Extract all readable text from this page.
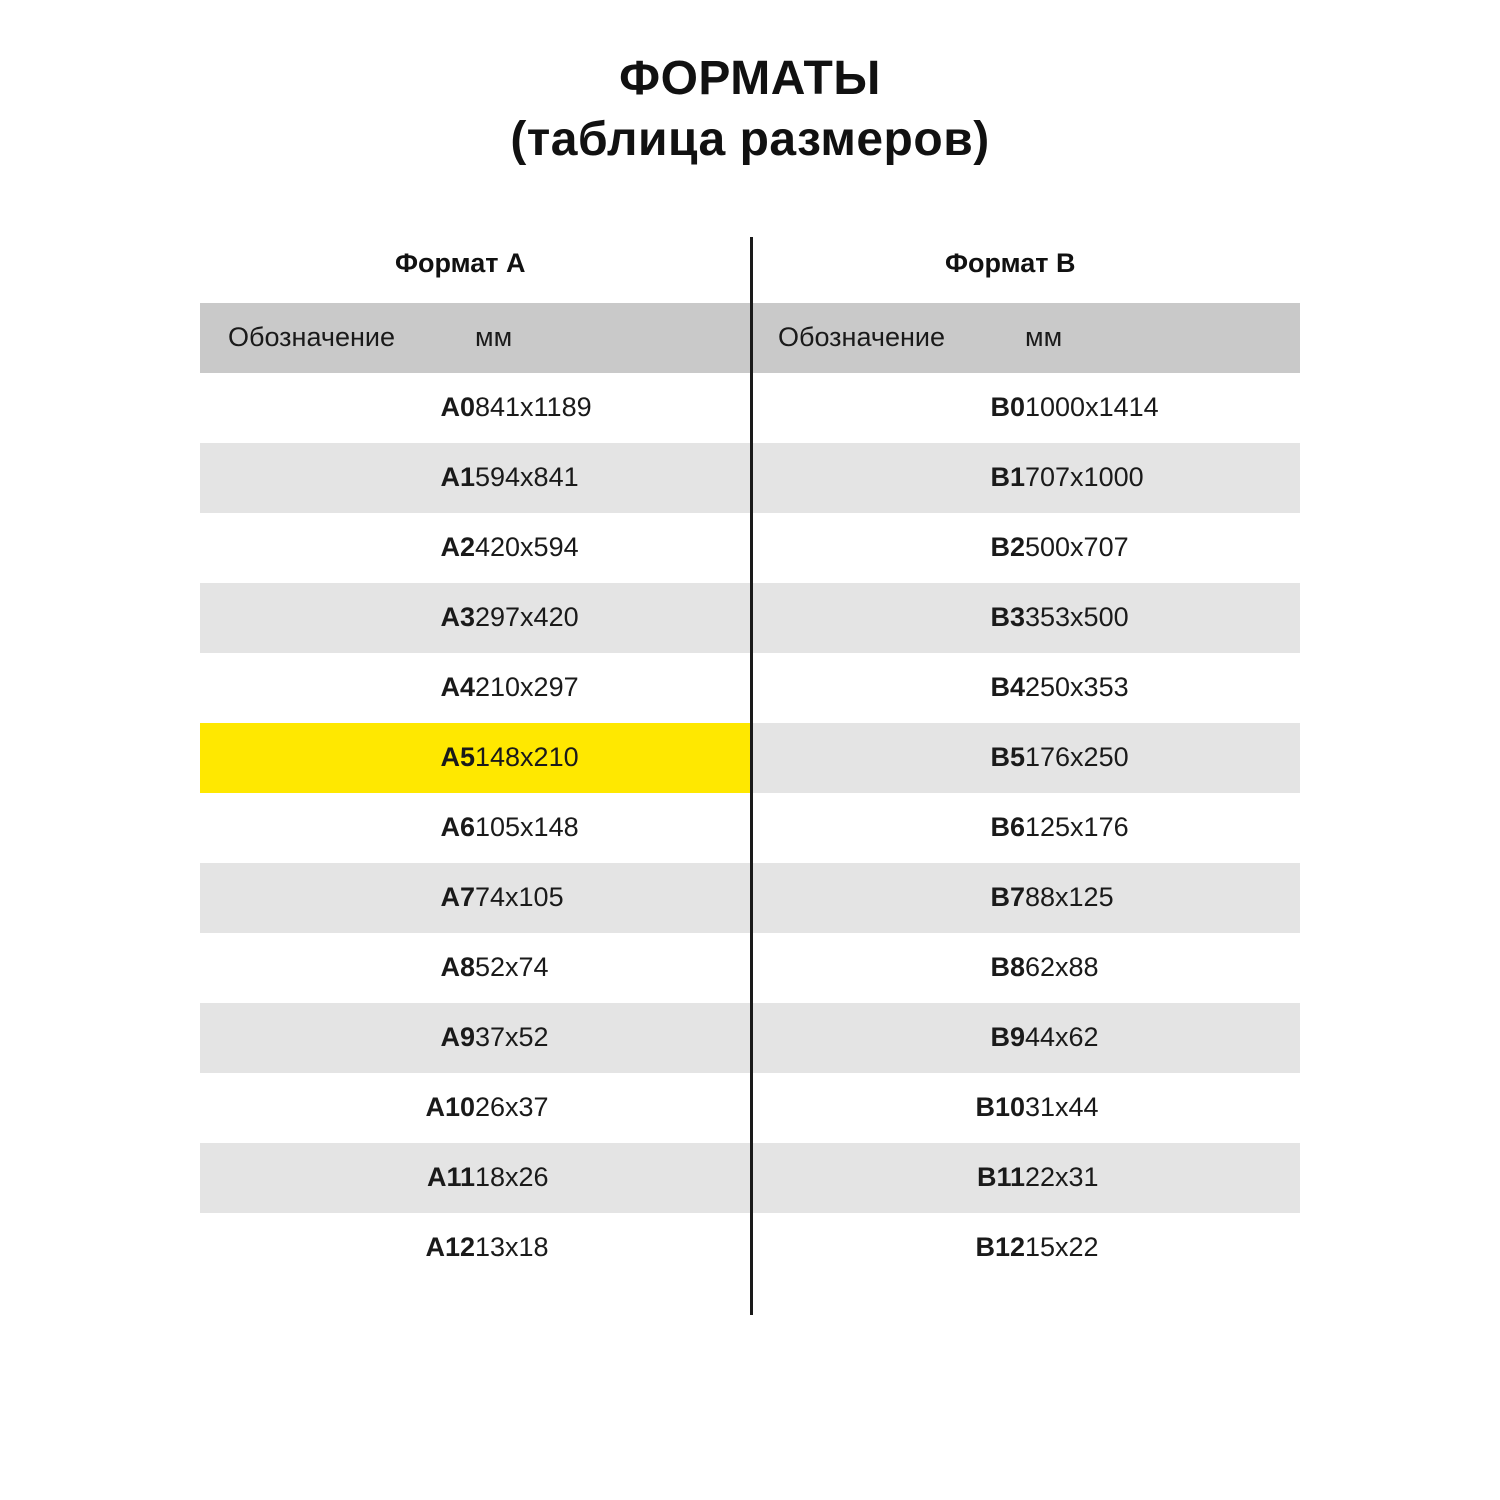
ФОРМАТЫ
(таблица размеров)
Формат А	Формат В
Обозначение	мм	Обозначение	мм
A0	841x1189	B0	1000x1414
A1	594x841	B1	707x1000
A2	420x594	B2	500x707
A3	297x420	B3	353x500
A4	210x297	B4	250x353
A5	148x210	B5	176x250
A6	105x148	B6	125x176
A7	74x105	B7	88x125
A8	52x74	B8	62x88
A9	37x52	B9	44x62
A10	26x37	B10	31x44
A11	18x26	B11	22x31
A12	13x18	B12	15x22
